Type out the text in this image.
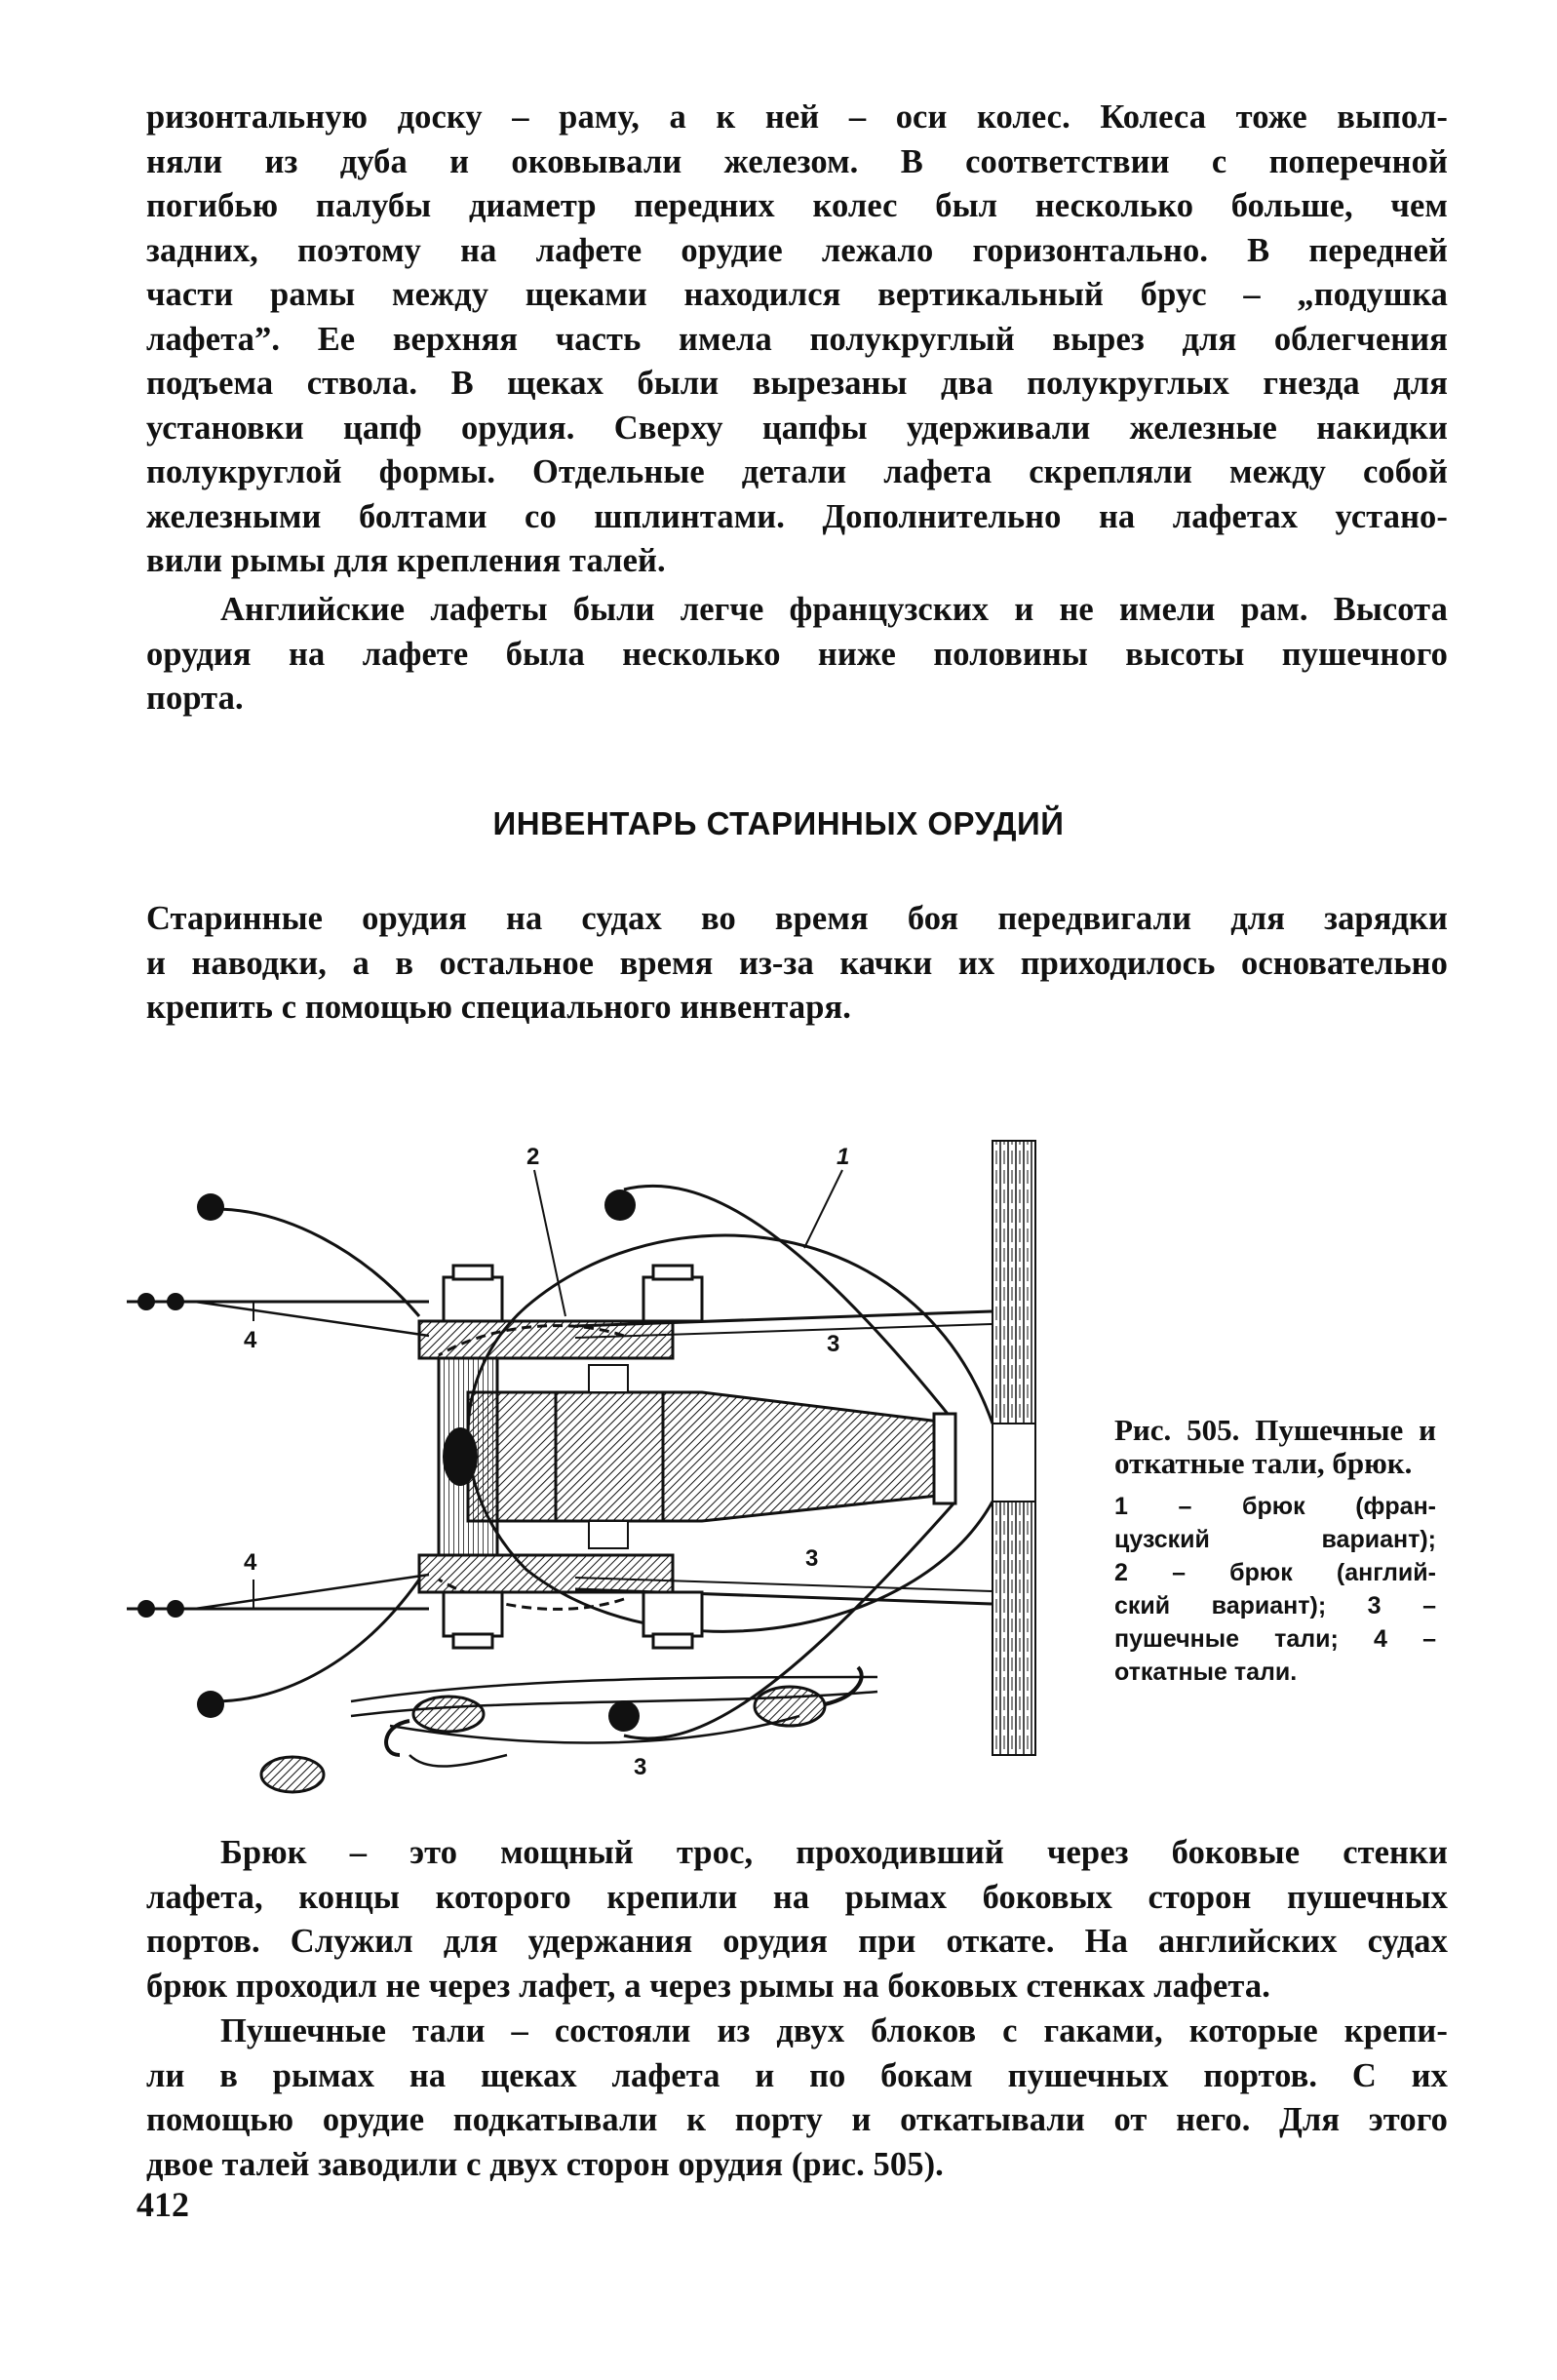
ризонтальную доску – раму, а к ней – оси колес. Колеса тоже выпол-
няли из дуба и оковывали железом. В соответствии с поперечной
погибью палубы диаметр передних колес был несколько больше, чем
задних, поэтому на лафете орудие лежало горизонтально. В передней
части рамы между щеками находился вертикальный брус – „подушка
лафета”. Ее верхняя часть имела полукруглый вырез для облегчения
подъема ствола. В щеках были вырезаны два полукруглых гнезда для
установки цапф орудия. Сверху цапфы удерживали железные накидки
полукруглой формы. Отдельные детали лафета скрепляли между собой
железными болтами со шплинтами. Дополнительно на лафетах устано-
вили рымы для крепления талей.
Английские лафеты были легче французских и не имели рам. Высота
орудия на лафете была несколько ниже половины высоты пушечного
порта.
ИНВЕНТАРЬ СТАРИННЫХ ОРУДИЙ
Старинные орудия на судах во время боя передвигали для зарядки
и наводки, а в остальное время из-за качки их приходилось основательно
крепить с помощью специального инвентаря.
2	1
4
4
3
3
3

Рис. 505. Пушечные и откатные тали, брюк.

1 – брюк (фран-
цузский вариант);
2 – брюк (англий-
ский вариант); 3 –
пушечные тали; 4 –
откатные тали.
Брюк – это мощный трос, проходивший через боковые стенки
лафета, концы которого крепили на рымах боковых сторон пушечных
портов. Служил для удержания орудия при откате. На английских судах
брюк проходил не через лафет, а через рымы на боковых стенках лафета.
Пушечные тали – состояли из двух блоков с гаками, которые крепи-
ли в рымах на щеках лафета и по бокам пушечных портов. С их
помощью орудие подкатывали к порту и откатывали от него. Для этого
двое талей заводили с двух сторон орудия (рис. 505).
412
